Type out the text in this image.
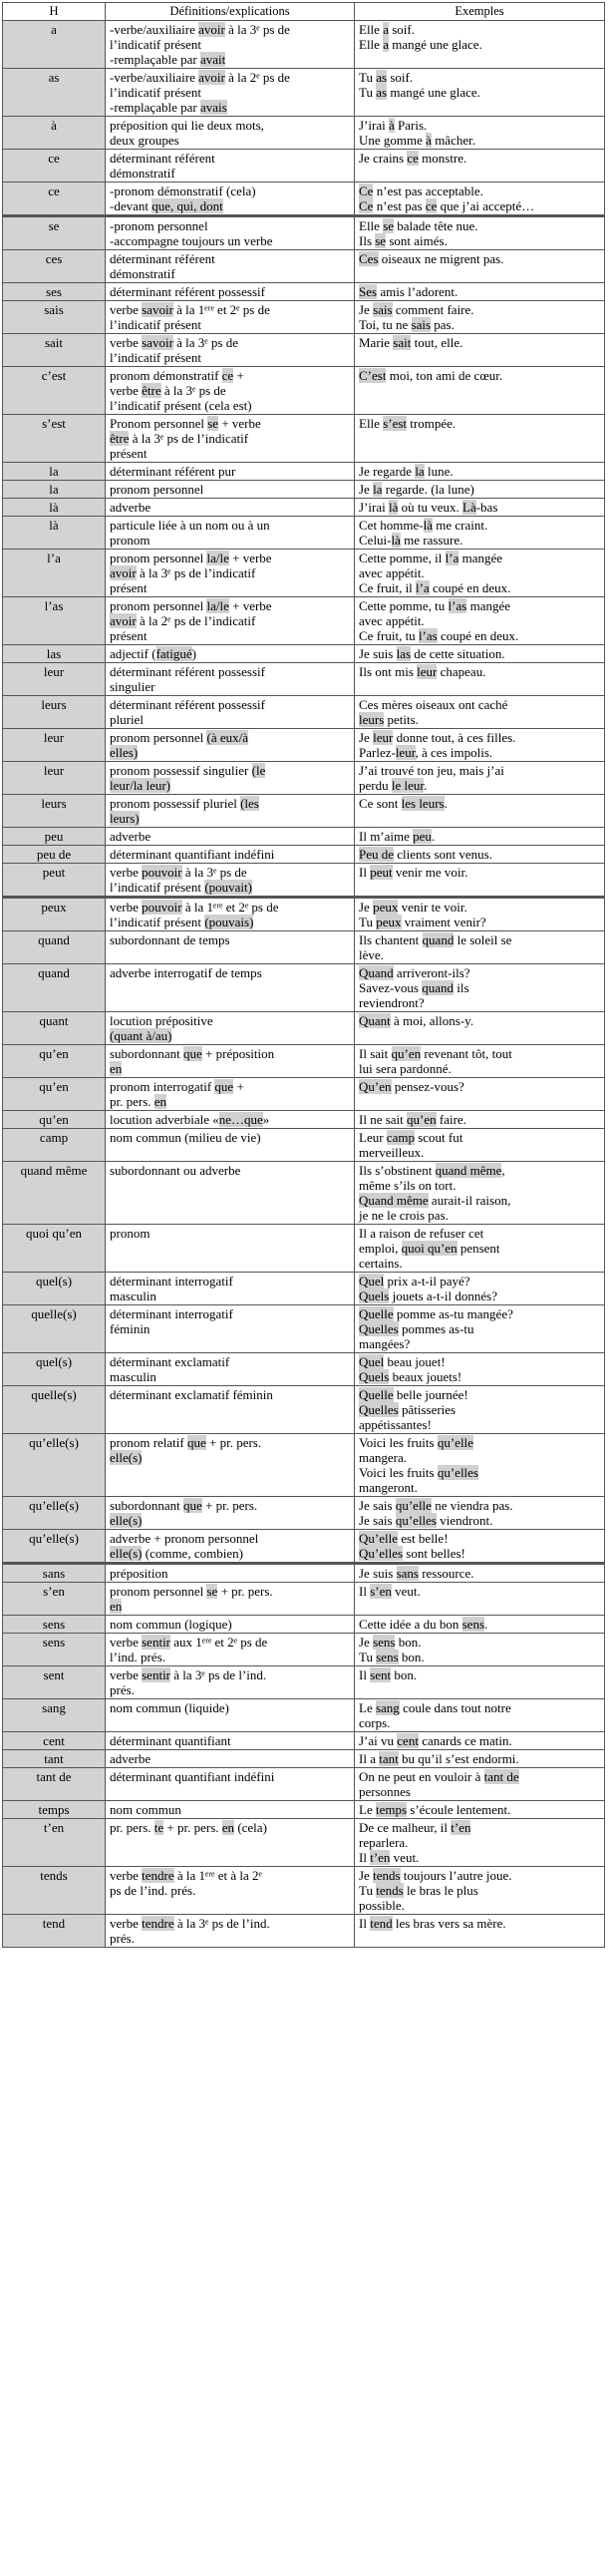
H	Définitions/explications	Exemples
a	-verbe/auxiliaire avoir à la 3ᵉ ps de
l’indicatif présent
-remplaçable par avait	Elle a soif.
Elle a mangé une glace.

as	-verbe/auxiliaire avoir à la 2ᵉ ps de
l’indicatif présent
-remplaçable par avais	Tu as soif.
Tu as mangé une glace.

à	préposition qui lie deux mots,
deux groupes	J’irai à Paris.
Une gomme à mâcher.

ce	déterminant référent
démonstratif	Je crains ce monstre.

ce	-pronom démonstratif (cela)
-devant que, qui, dont	Ce n’est pas acceptable.
Ce n’est pas ce que j’ai accepté…

se	-pronom personnel
-accompagne toujours un verbe	Elle se balade tête nue.
Ils se sont aimés.

ces	déterminant référent
démonstratif	Ces oiseaux ne migrent pas.

ses	déterminant référent possessif	Ses amis l’adorent.

sais	verbe savoir à la 1ᵉʳᵉ et 2ᵉ ps de
l’indicatif présent	Je sais comment faire.
Toi, tu ne sais pas.

sait	verbe savoir à la 3ᵉ ps de
l’indicatif présent	Marie sait tout, elle.

c’est	pronom démonstratif ce +
verbe être à la 3ᵉ ps de
l’indicatif présent (cela est)	C’est moi, ton ami de cœur.

s’est	Pronom personnel se + verbe
être à la 3ᵉ ps de l’indicatif
présent	Elle s’est trompée.

la	déterminant référent pur	Je regarde la lune.

la	pronom personnel	Je la regarde. (la lune)

là	adverbe	J’irai là où tu veux. Là-bas

là	particule liée à un nom ou à un
pronom	Cet homme-là me craint.
Celui-là me rassure.

l’a	pronom personnel la/le + verbe
avoir à la 3ᵉ ps de l’indicatif
présent	Cette pomme, il l’a mangée
avec appétit.
Ce fruit, il l’a coupé en deux.

l’as	pronom personnel la/le + verbe
avoir à la 2ᵉ ps de l’indicatif
présent	Cette pomme, tu l’as mangée
avec appétit.
Ce fruit, tu l’as coupé en deux.

las	adjectif (fatigué)	Je suis las de cette situation.

leur	déterminant référent possessif
singulier	Ils ont mis leur chapeau.

leurs	déterminant référent possessif
pluriel	Ces mères oiseaux ont caché
leurs petits.

leur	pronom personnel (à eux/à
elles)	Je leur donne tout, à ces filles.
Parlez-leur, à ces impolis.

leur	pronom possessif singulier (le
leur/la leur)	J’ai trouvé ton jeu, mais j’ai
perdu le leur.

leurs	pronom possessif pluriel (les
leurs)	Ce sont les leurs.

peu	adverbe	Il m’aime peu.

peu de	déterminant quantifiant indéfini	Peu de clients sont venus.

peut	verbe pouvoir à la 3ᵉ ps de
l’indicatif présent (pouvait)	Il peut venir me voir.

peux	verbe pouvoir à la 1ᵉʳᵉ et 2ᵉ ps de
l’indicatif présent (pouvais)	Je peux venir te voir.
Tu peux vraiment venir?

quand	subordonnant de temps	Ils chantent quand le soleil se
lève.

quand	adverbe interrogatif de temps	Quand arriveront-ils?
Savez-vous quand ils
reviendront?

quant	locution prépositive
(quant à/au)	Quant à moi, allons-y.

qu’en	subordonnant que + préposition
en	Il sait qu’en revenant tôt, tout
lui sera pardonné.

qu’en	pronom interrogatif que +
pr. pers. en	Qu’en pensez-vous?

qu’en	locution adverbiale «ne…que»	Il ne sait qu’en faire.

camp	nom commun (milieu de vie)	Leur camp scout fut
merveilleux.

quand même	subordonnant ou adverbe	Ils s’obstinent quand même,
même s’ils on tort.
Quand même aurait-il raison,
je ne le crois pas.

quoi qu’en	pronom	Il a raison de refuser cet
emploi, quoi qu’en pensent
certains.

quel(s)	déterminant interrogatif
masculin	Quel prix a-t-il payé?
Quels jouets a-t-il donnés?

quelle(s)	déterminant interrogatif
féminin	Quelle pomme as-tu mangée?
Quelles pommes as-tu
mangées?

quel(s)	déterminant exclamatif
masculin	Quel beau jouet!
Quels beaux jouets!

quelle(s)	déterminant exclamatif féminin	Quelle belle journée!
Quelles pâtisseries
appétissantes!

qu’elle(s)	pronom relatif que + pr. pers.
elle(s)	Voici les fruits qu’elle
mangera.
Voici les fruits qu’elles
mangeront.

qu’elle(s)	subordonnant que + pr. pers.
elle(s)	Je sais qu’elle ne viendra pas.
Je sais qu’elles viendront.

qu’elle(s)	adverbe + pronom personnel
elle(s) (comme, combien)	Qu’elle est belle!
Qu’elles sont belles!

sans	préposition	Je suis sans ressource.

s’en	pronom personnel se + pr. pers.
en	Il s’en veut.

sens	nom commun (logique)	Cette idée a du bon sens.

sens	verbe sentir aux 1ᵉʳᵉ et 2ᵉ ps de
l’ind. prés.	Je sens bon.
Tu sens bon.

sent	verbe sentir à la 3ᵉ ps de l’ind.
prés.	Il sent bon.

sang	nom commun (liquide)	Le sang coule dans tout notre
corps.

cent	déterminant quantifiant	J’ai vu cent canards ce matin.

tant	adverbe	Il a tant bu qu’il s’est endormi.

tant de	déterminant quantifiant indéfini	On ne peut en vouloir à tant de
personnes

temps	nom commun	Le temps s’écoule lentement.

t’en	pr. pers. te + pr. pers. en (cela)	De ce malheur, il t’en
reparlera.
Il t’en veut.

tends	verbe tendre à la 1ᵉʳᵉ et à la 2ᵉ
ps de l’ind. prés.	Je tends toujours l’autre joue.
Tu tends le bras le plus
possible.

tend	verbe tendre à la 3ᵉ ps de l’ind.
prés.	Il tend les bras vers sa mère.
